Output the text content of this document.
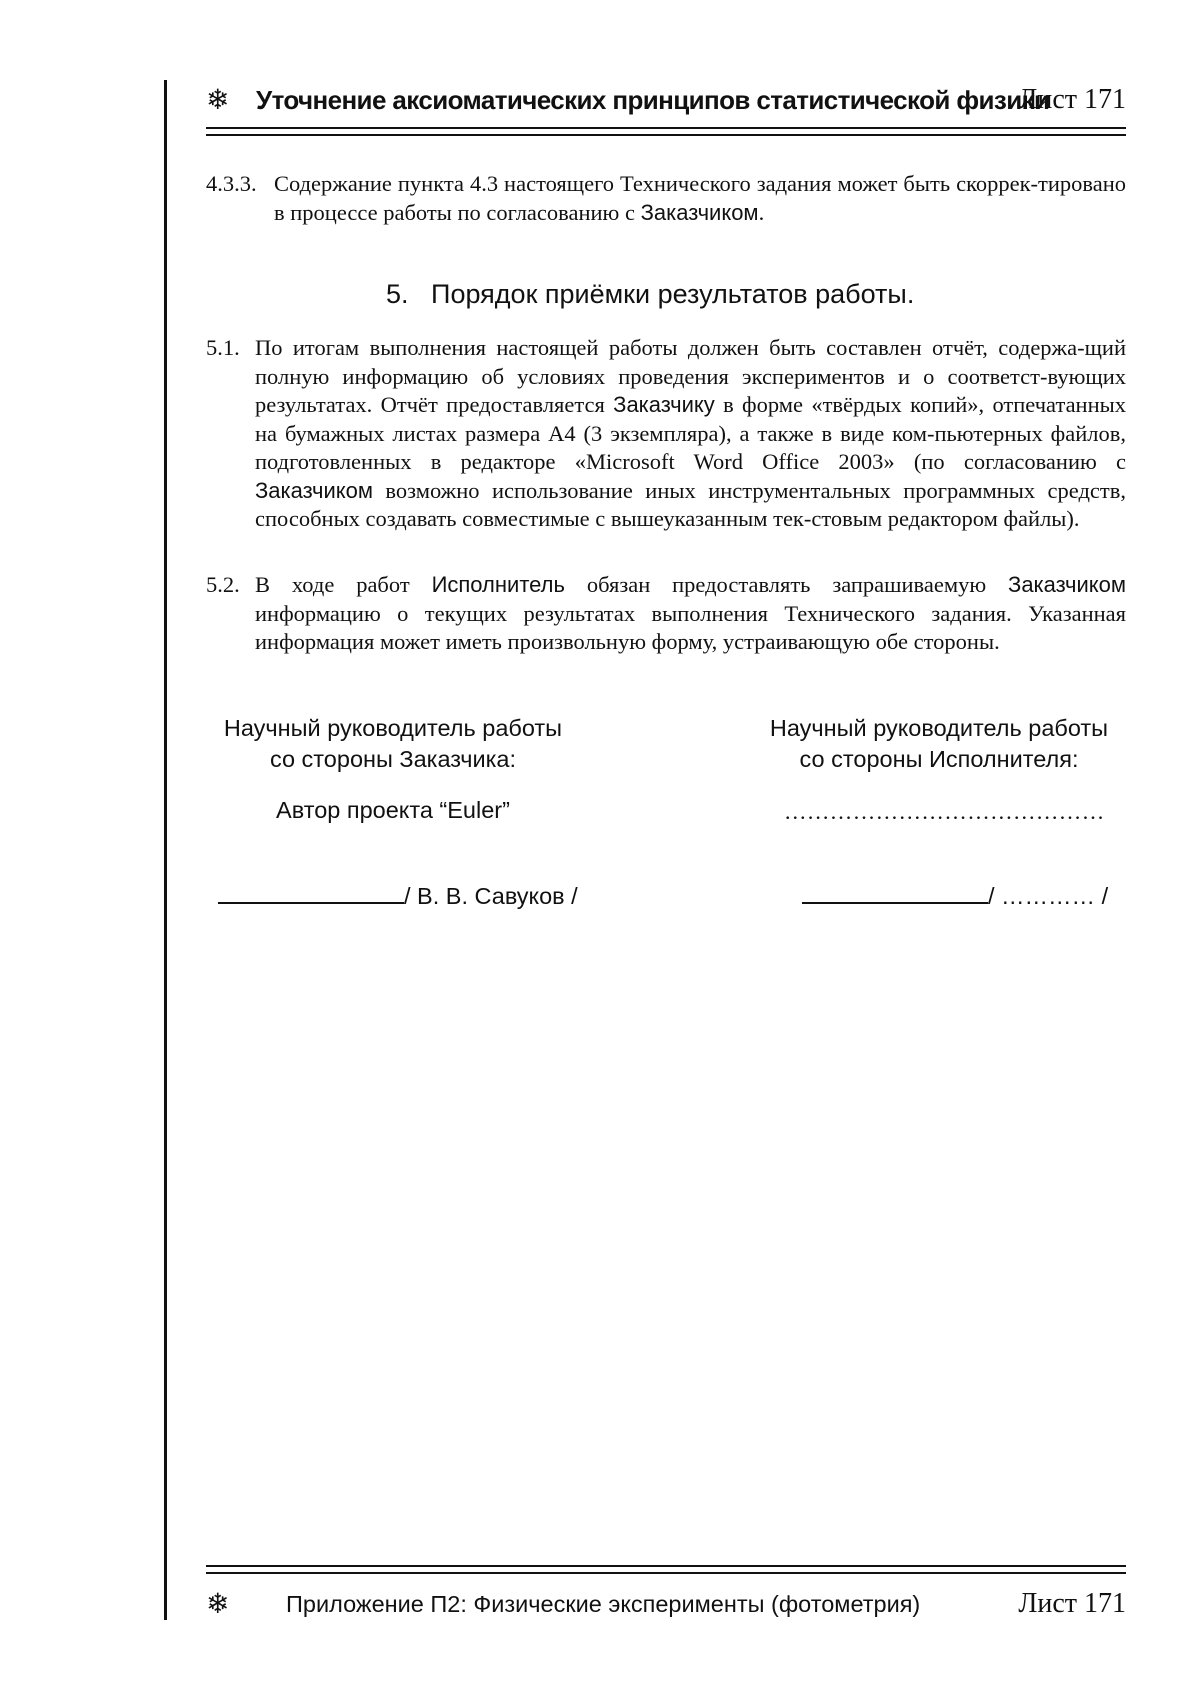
❄ Уточнение аксиоматических принципов статистической физики
Лист 171
4.3.3. Содержание пункта 4.3 настоящего Технического задания может быть скоррек-тировано в процессе работы по согласованию с Заказчиком.
5. Порядок приёмки результатов работы.
5.1. По итогам выполнения настоящей работы должен быть составлен отчёт, содержа-щий полную информацию об условиях проведения экспериментов и о соответст-вующих результатах. Отчёт предоставляется Заказчику в форме «твёрдых копий», отпечатанных на бумажных листах размера А4 (3 экземпляра), а также в виде ком-пьютерных файлов, подготовленных в редакторе «Microsoft Word Office 2003» (по согласованию с Заказчиком возможно использование иных инструментальных программных средств, способных создавать совместимые с вышеуказанным тек-стовым редактором файлы).
5.2. В ходе работ Исполнитель обязан предоставлять запрашиваемую Заказчиком информацию о текущих результатах выполнения Технического задания. Указанная информация может иметь произвольную форму, устраивающую обе стороны.
Научный руководитель работы
со стороны Заказчика:
Автор проекта “Euler”
/ В. В. Савуков /
Научный руководитель работы
со стороны Исполнителя:
……………………………………
/ ………… /
❄ Приложение П2: Физические эксперименты (фотометрия)	Лист 171
